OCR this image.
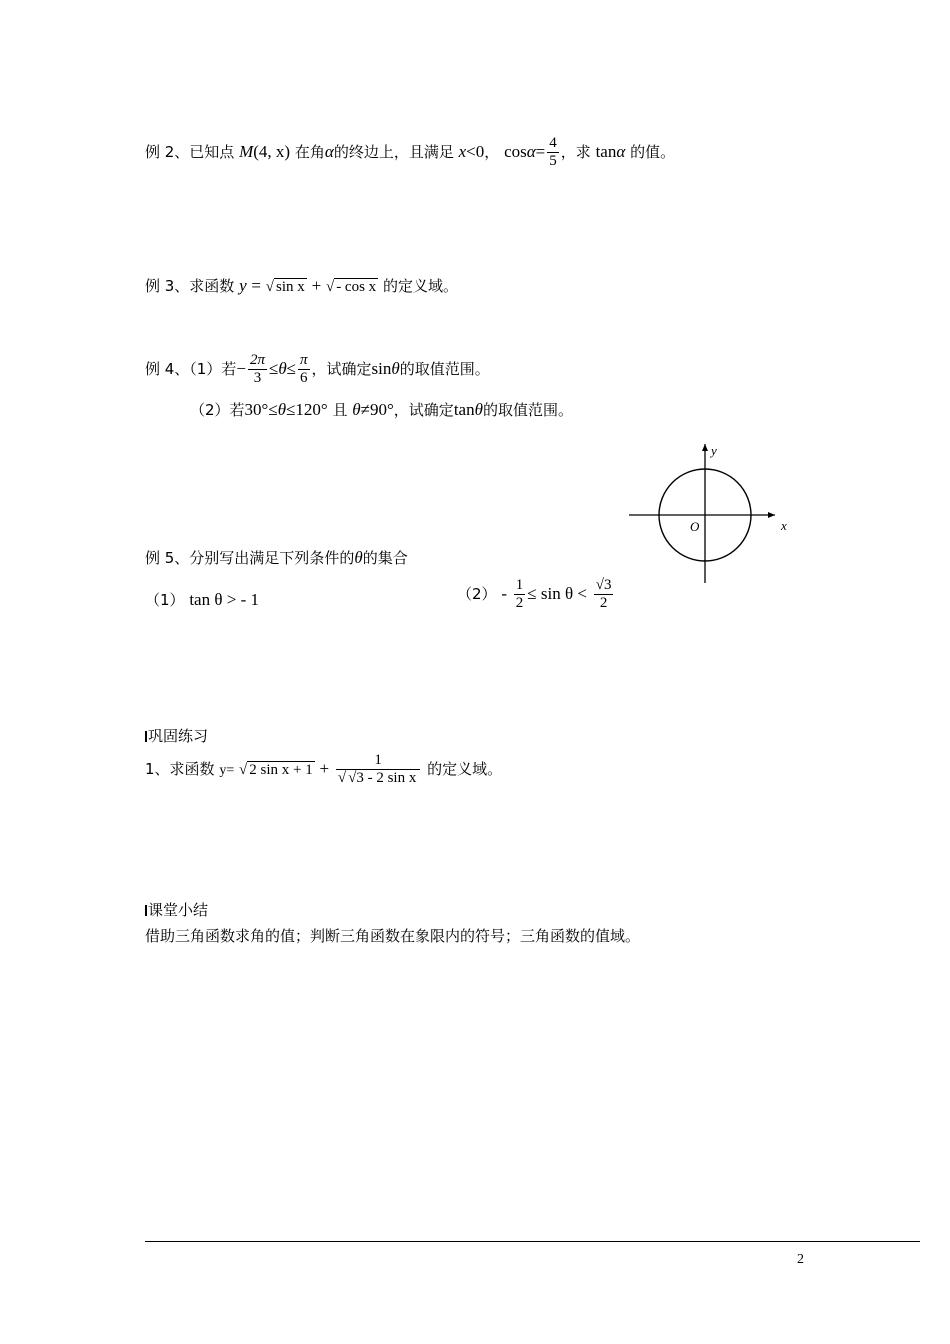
例 2、已知点 M(4, x) 在角α的终边上，且满足 x<0， $\cos\alpha= \frac{4}{5}$ ，求 tanα 的值。
例 3、求函数 y = √ sin x + √ - cos x 的定义域。
例 4、（1）若− $\frac{2\pi}{3} \le\theta\le \frac{\pi}{6}$ ，试确定sinθ的取值范围。
（2）若30°≤θ≤120° 且 θ≠90°，试确定tanθ的取值范围。
y
x
O
例 5、分别写出满足下列条件的θ的集合
（1） tan θ > - 1	$(2) - \frac{1}{2} \le \sin \theta < \frac{√3}{2}$
巩固练习
1、求函数 y= √ 2 $\sin x + 1 + \frac{1}{\text{√ √3 - 2 sin x}}$ 的定义域。
课堂小结
借助三角函数求角的值；判断三角函数在象限内的符号；三角函数的值域。
2
